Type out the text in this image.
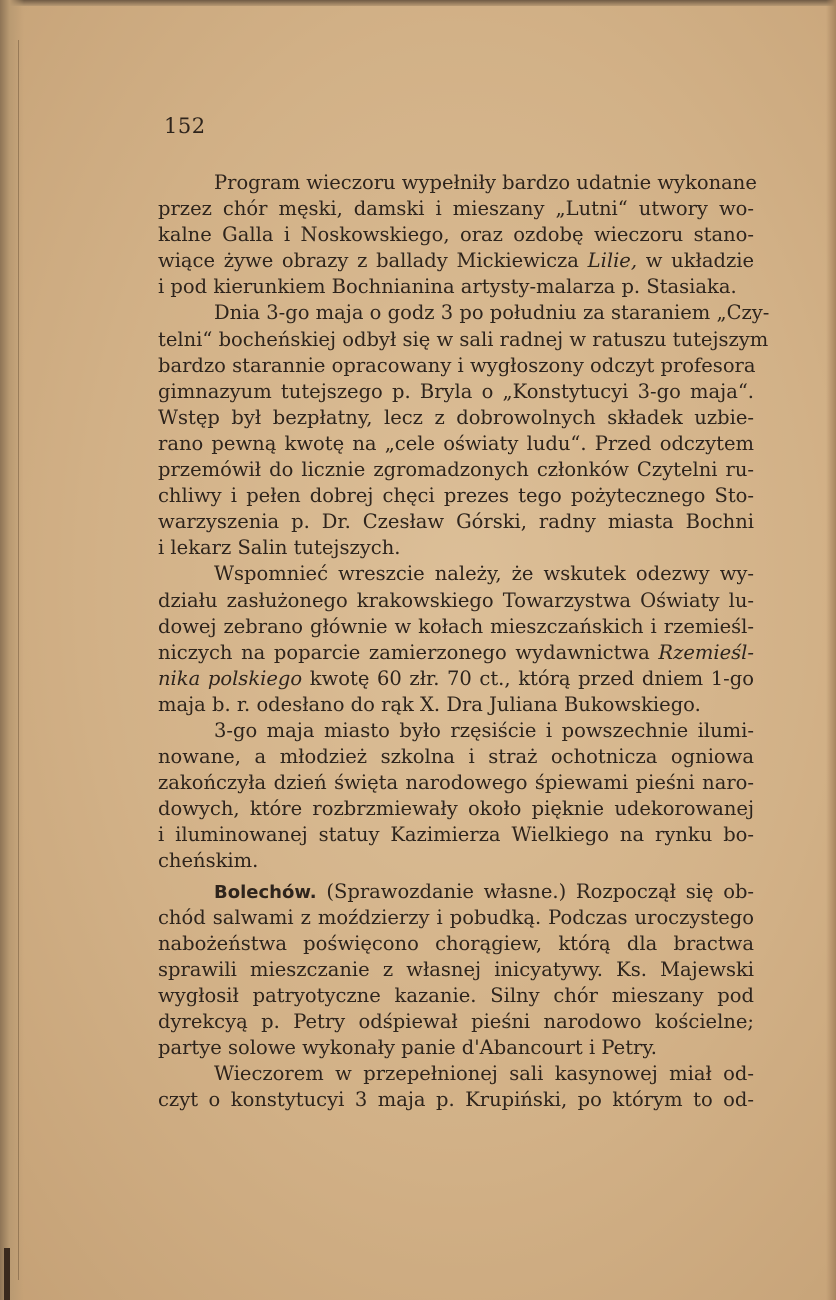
152
Program wieczoru wypełniły bardzo udatnie wykonane
przez chór męski, damski i mieszany „Lutni“ utwory wo-
kalne Galla i Noskowskiego, oraz ozdobę wieczoru stano-
wiące żywe obrazy z ballady Mickiewicza Lilie, w układzie
i pod kierunkiem Bochnianina artysty-malarza p. Stasiaka.
Dnia 3-go maja o godz 3 po południu za staraniem „Czy-
telni“ bocheńskiej odbył się w sali radnej w ratuszu tutejszym
bardzo starannie opracowany i wygłoszony odczyt profesora
gimnazyum tutejszego p. Bryla o „Konstytucyi 3-go maja“.
Wstęp był bezpłatny, lecz z dobrowolnych składek uzbie-
rano pewną kwotę na „cele oświaty ludu“. Przed odczytem
przemówił do licznie zgromadzonych członków Czytelni ru-
chliwy i pełen dobrej chęci prezes tego pożytecznego Sto-
warzyszenia p. Dr. Czesław Górski, radny miasta Bochni
i lekarz Salin tutejszych.
Wspomnieć wreszcie należy, że wskutek odezwy wy-
działu zasłużonego krakowskiego Towarzystwa Oświaty lu-
dowej zebrano głównie w kołach mieszczańskich i rzemieśl-
niczych na poparcie zamierzonego wydawnictwa Rzemieśl-
nika polskiego kwotę 60 złr. 70 ct., którą przed dniem 1-go
maja b. r. odesłano do rąk X. Dra Juliana Bukowskiego.
3-go maja miasto było rzęsiście i powszechnie ilumi-
nowane, a młodzież szkolna i straż ochotnicza ogniowa
zakończyła dzień święta narodowego śpiewami pieśni naro-
dowych, które rozbrzmiewały około pięknie udekorowanej
i iluminowanej statuy Kazimierza Wielkiego na rynku bo-
cheńskim.
Bolechów. (Sprawozdanie własne.) Rozpoczął się ob-
chód salwami z moździerzy i pobudką. Podczas uroczystego
nabożeństwa poświęcono chorągiew, którą dla bractwa
sprawili mieszczanie z własnej inicyatywy. Ks. Majewski
wygłosił patryotyczne kazanie. Silny chór mieszany pod
dyrekcyą p. Petry odśpiewał pieśni narodowo kościelne;
partye solowe wykonały panie d'Abancourt i Petry.
Wieczorem w przepełnionej sali kasynowej miał od-
czyt o konstytucyi 3 maja p. Krupiński, po którym to od-
